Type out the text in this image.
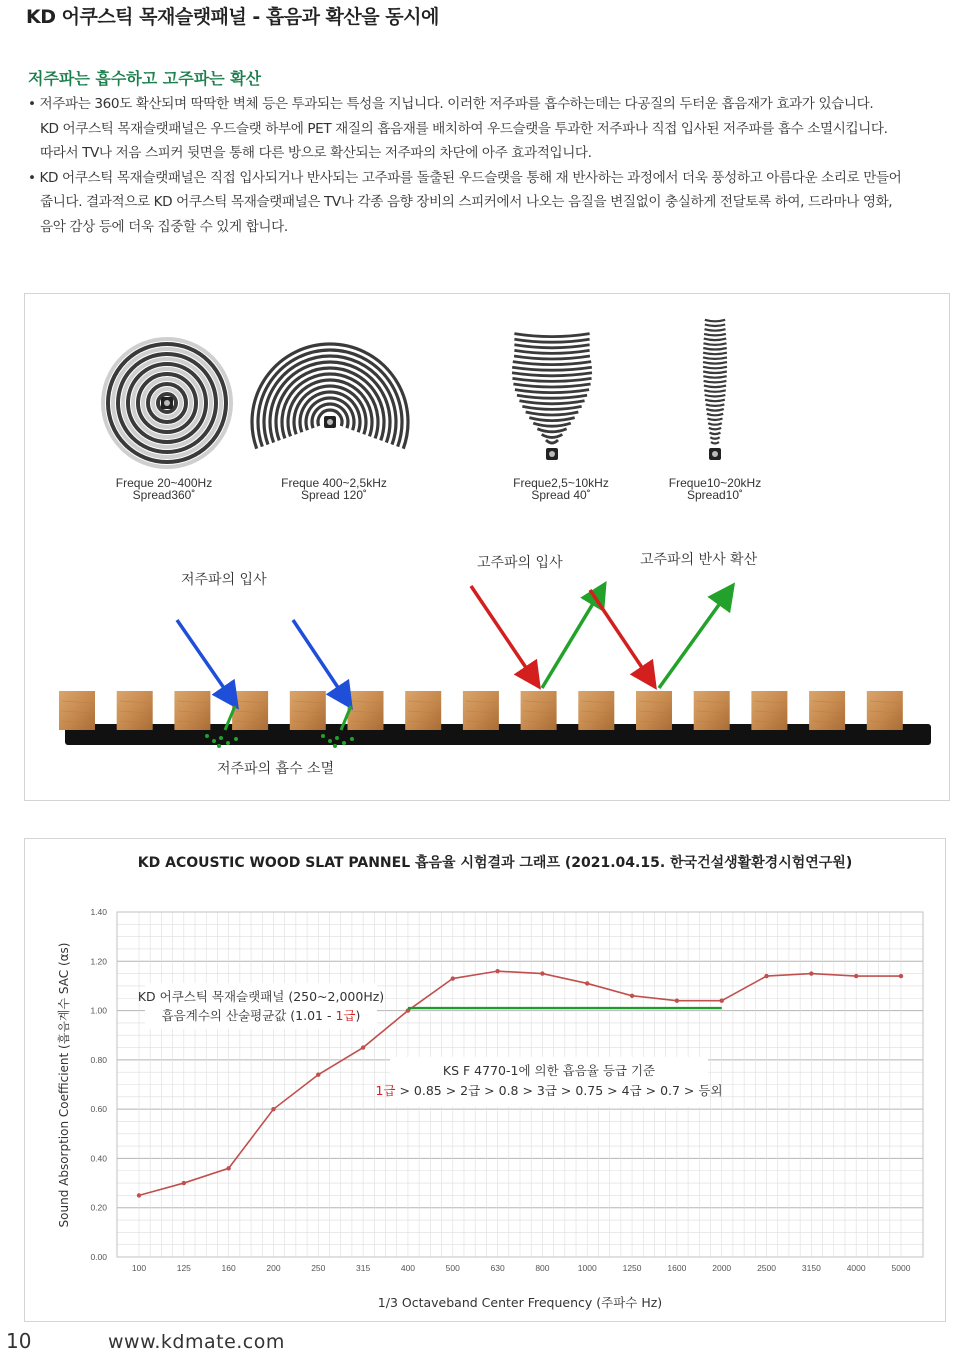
KD 어쿠스틱 목재슬랫패널 - 흡음과 확산을 동시에
저주파는 흡수하고 고주파는 확산

• 저주파는 360도 확산되며 딱딱한 벽체 등은 투과되는 특성을 지닙니다. 이러한 저주파를 흡수하는데는 다공질의 두터운 흡음재가 효과가 있습니다.

KD 어쿠스틱 목재슬랫패널은 우드슬랫 하부에 PET 재질의 흡음재를 배치하여 우드슬랫을 투과한 저주파나 직접 입사된 저주파를 흡수 소멸시킵니다.

따라서 TV나 저음 스피커 뒷면을 통해 다른 방으로 확산되는 저주파의 차단에 아주 효과적입니다.

• KD 어쿠스틱 목재슬랫패널은 직접 입사되거나 반사되는 고주파를 돌출된 우드슬랫을 통해 재 반사하는 과정에서 더욱 풍성하고 아름다운 소리로 만들어

줍니다. 결과적으로 KD 어쿠스틱 목재슬랫패널은 TV나 각종 음향 장비의 스피커에서 나오는 음질을 변질없이 충실하게 전달토록 하여, 드라마나 영화,

음악 감상 등에 더욱 집중할 수 있게 합니다.

Freque 20~400Hz
Spread360˚
Freque 400~2,5kHz
Spread 120˚
Freque2,5~10kHz
Spread 40˚
Freque10~20kHz
Spread10˚
저주파의 입사
고주파의 입사	고주파의 반사 확산
저주파의 흡수 소멸
KD ACOUSTIC WOOD SLAT PANNEL 흡음율 시험결과 그래프 (2021.04.15. 한국건설생활환경시험연구원)
0.00
0.20
0.40
0.60
0.80
1.00
1.20
1.40
100	125	160	200	250	315	400	500	630	800	1000	1250	1600	2000	2500	3150	4000	5000
KD 어쿠스틱 목재슬랫패널 (250~2,000Hz)
흡음계수의 산술평균값 (1.01 - 1급)
KS F 4770-1에 의한 흡음율 등급 기준
1급 > 0.85 > 2급 > 0.8 > 3급 > 0.75 > 4급 > 0.7 > 등외
1/3 Octaveband Center Frequency (주파수 Hz)
Sound Absorption Coefficient (흡음계수 SAC (αs)
10	www.kdmate.com
